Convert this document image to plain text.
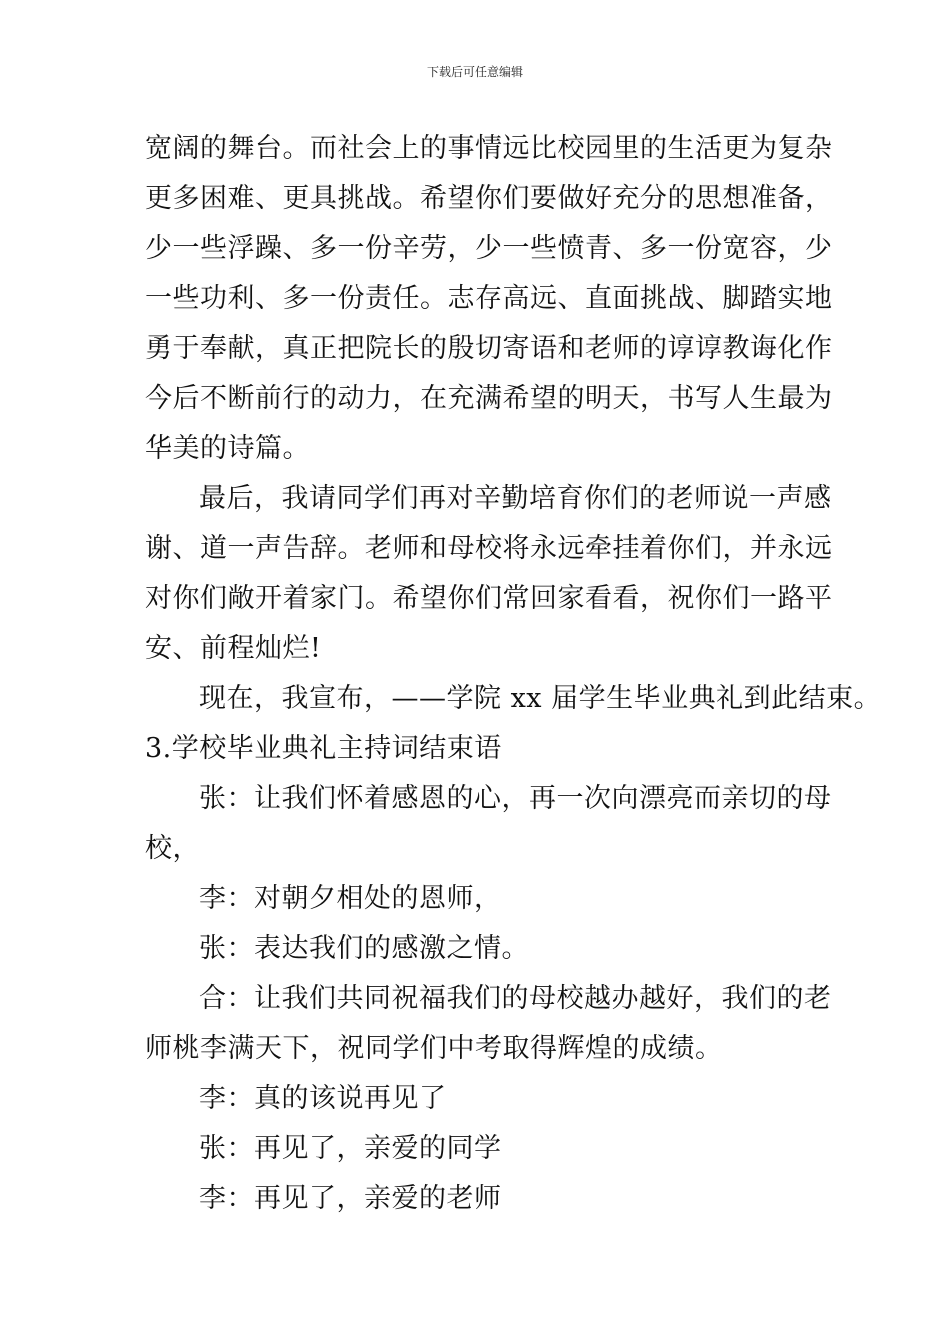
下载后可任意编辑
宽阔的舞台。而社会上的事情远比校园里的生活更为复杂
更多困难、更具挑战。希望你们要做好充分的思想准备，
少一些浮躁、多一份辛劳，少一些愤青、多一份宽容，少
一些功利、多一份责任。志存高远、直面挑战、脚踏实地
勇于奉献，真正把院长的殷切寄语和老师的谆谆教诲化作
今后不断前行的动力，在充满希望的明天，书写人生最为
华美的诗篇。
最后，我请同学们再对辛勤培育你们的老师说一声感
谢、道一声告辞。老师和母校将永远牵挂着你们，并永远
对你们敞开着家门。希望你们常回家看看，祝你们一路平
安、前程灿烂!
现在，我宣布，——学院 xx 届学生毕业典礼到此结束。
3.学校毕业典礼主持词结束语
张：让我们怀着感恩的心，再一次向漂亮而亲切的母
校，
李：对朝夕相处的恩师，
张：表达我们的感激之情。
合：让我们共同祝福我们的母校越办越好，我们的老
师桃李满天下，祝同学们中考取得辉煌的成绩。
李：真的该说再见了
张：再见了，亲爱的同学
李：再见了，亲爱的老师
